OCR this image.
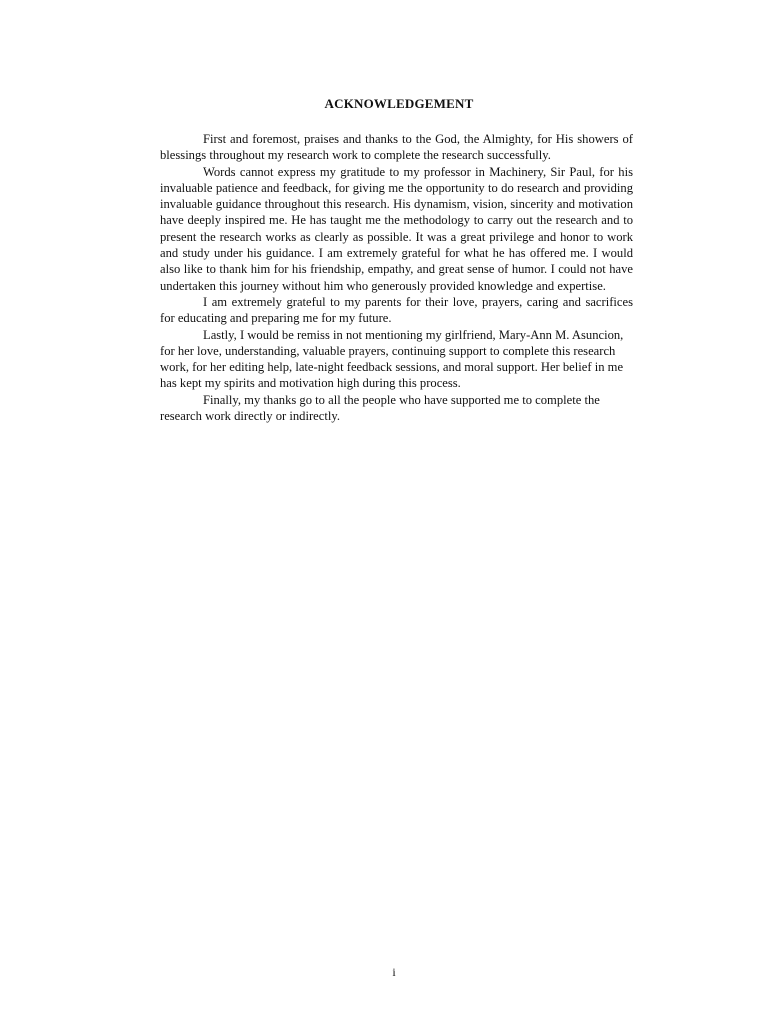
ACKNOWLEDGEMENT

First and foremost, praises and thanks to the God, the Almighty, for His showers of blessings throughout my research work to complete the research successfully.

Words cannot express my gratitude to my professor in Machinery, Sir Paul, for his invaluable patience and feedback, for giving me the opportunity to do research and providing invaluable guidance throughout this research. His dynamism, vision, sincerity and motivation have deeply inspired me. He has taught me the methodology to carry out the research and to present the research works as clearly as possible. It was a great privilege and honor to work and study under his guidance. I am extremely grateful for what he has offered me. I would also like to thank him for his friendship, empathy, and great sense of humor. I could not have undertaken this journey without him who generously provided knowledge and expertise.

I am extremely grateful to my parents for their love, prayers, caring and sacrifices for educating and preparing me for my future.

Lastly, I would be remiss in not mentioning my girlfriend, Mary-Ann M. Asuncion, for her love, understanding, valuable prayers, continuing support to complete this research work, for her editing help, late-night feedback sessions, and moral support. Her belief in me has kept my spirits and motivation high during this process.

Finally, my thanks go to all the people who have supported me to complete the research work directly or indirectly.

i
